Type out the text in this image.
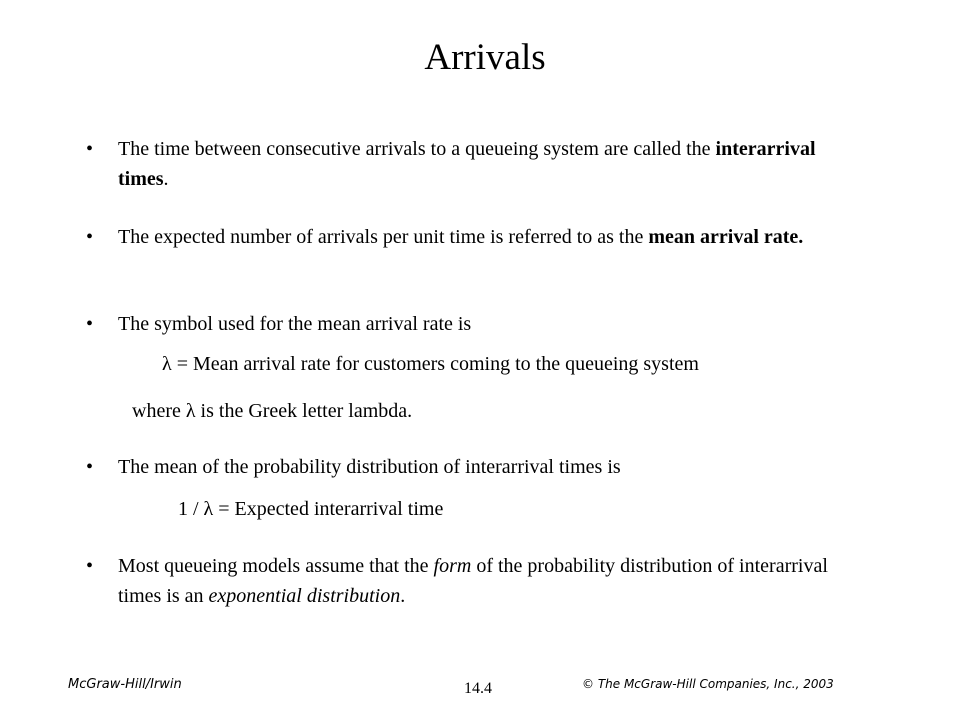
Arrivals
• The time between consecutive arrivals to a queueing system are called the interarrival times.
• The expected number of arrivals per unit time is referred to as the mean arrival rate.
• The symbol used for the mean arrival rate is
λ = Mean arrival rate for customers coming to the queueing system
where λ is the Greek letter lambda.
• The mean of the probability distribution of interarrival times is
1 / λ = Expected interarrival time
• Most queueing models assume that the form of the probability distribution of interarrival times is an exponential distribution.
McGraw-Hill/Irwin	14.4	© The McGraw-Hill Companies, Inc., 2003
